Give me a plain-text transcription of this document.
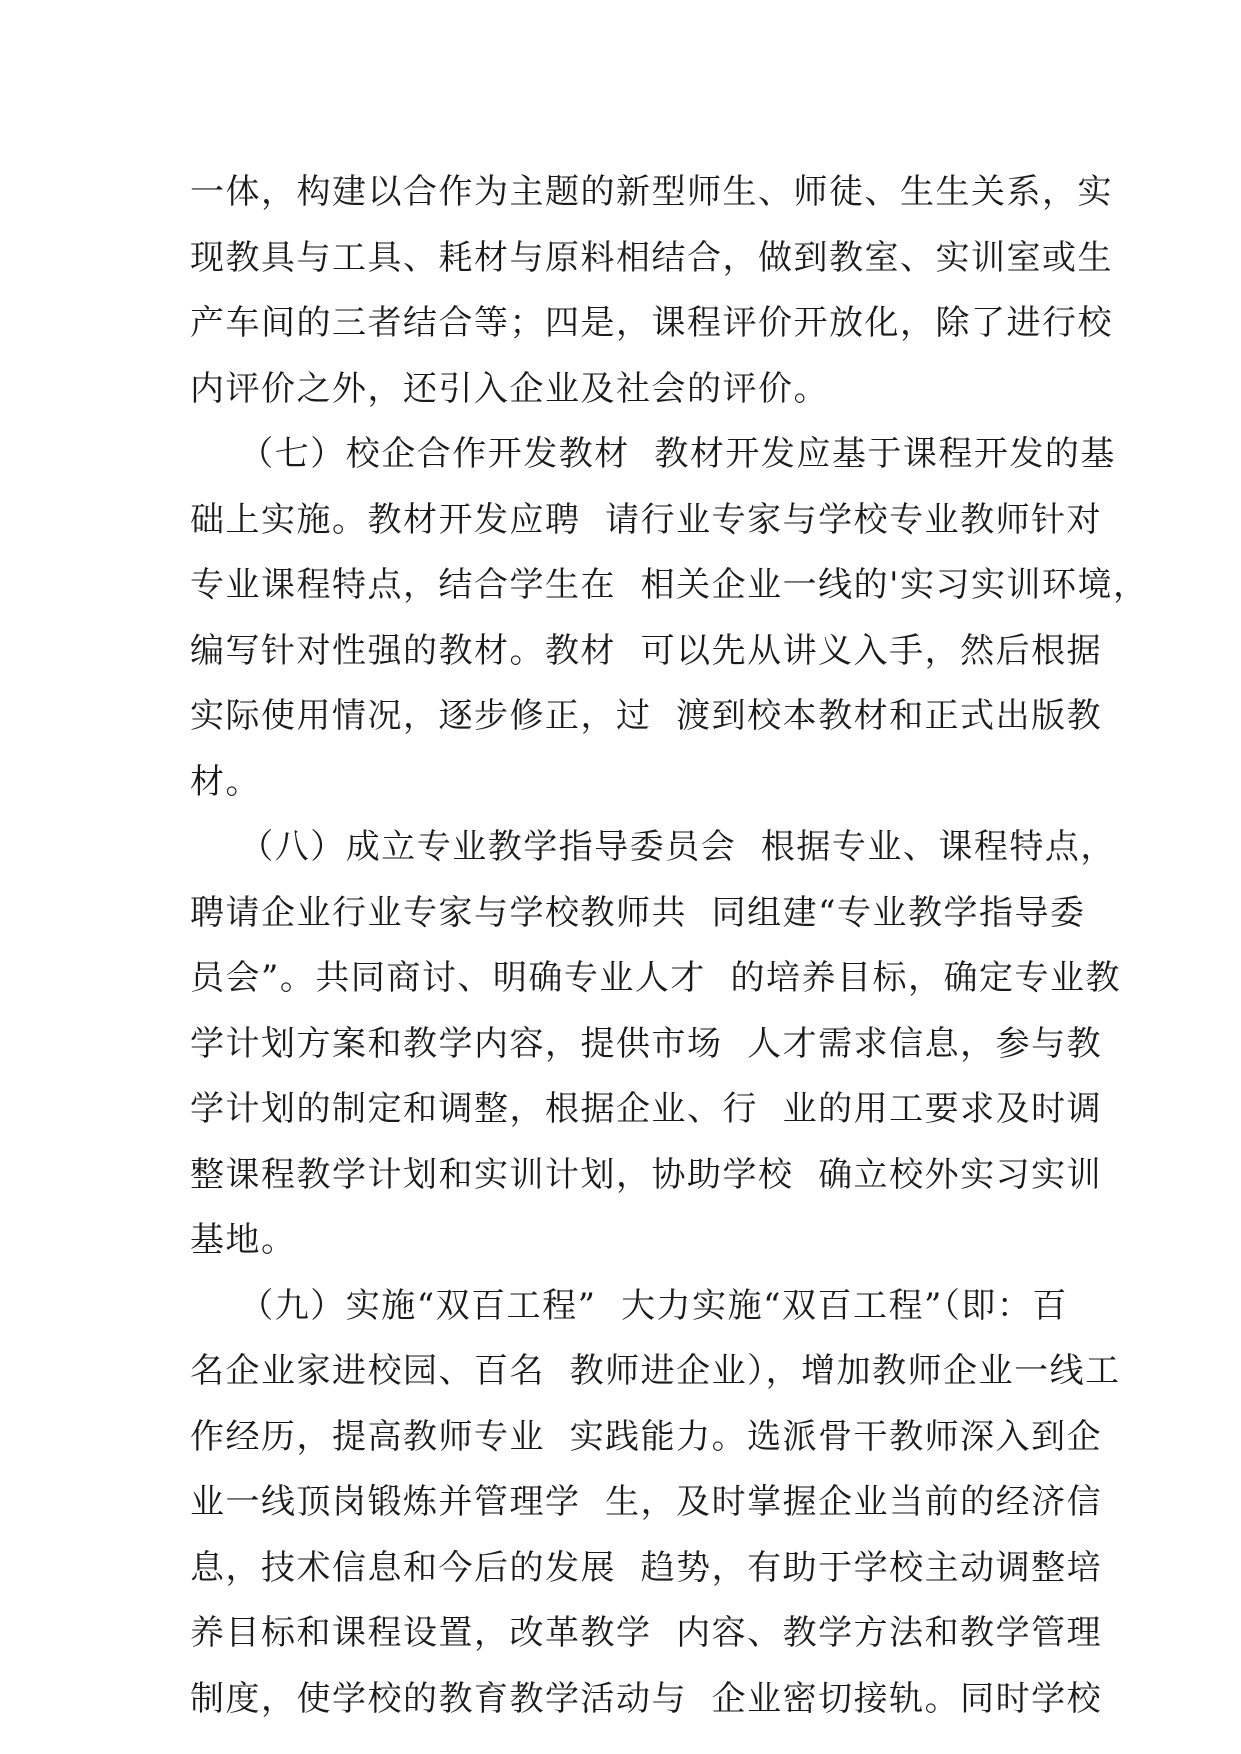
一体，构建以合作为主题的新型师生、师徒、生生关系，实
现教具与工具、耗材与原料相结合，做到教室、实训室或生
产车间的三者结合等；四是，课程评价开放化，除了进行校
内评价之外，还引入企业及社会的评价。
（七）校企合作开发教材  教材开发应基于课程开发的基
础上实施。教材开发应聘  请行业专家与学校专业教师针对
专业课程特点，结合学生在  相关企业一线的'实习实训环境，
编写针对性强的教材。教材  可以先从讲义入手，然后根据
实际使用情况，逐步修正，过  渡到校本教材和正式出版教
材。
（八）成立专业教学指导委员会  根据专业、课程特点，
聘请企业行业专家与学校教师共  同组建“专业教学指导委
员会”。共同商讨、明确专业人才  的培养目标，确定专业教
学计划方案和教学内容，提供市场  人才需求信息，参与教
学计划的制定和调整，根据企业、行  业的用工要求及时调
整课程教学计划和实训计划，协助学校  确立校外实习实训
基地。
（九）实施“双百工程”  大力实施“双百工程”（即：百
名企业家进校园、百名  教师进企业），增加教师企业一线工
作经历，提高教师专业  实践能力。选派骨干教师深入到企
业一线顶岗锻炼并管理学  生，及时掌握企业当前的经济信
息，技术信息和今后的发展  趋势，有助于学校主动调整培
养目标和课程设置，改革教学  内容、教学方法和教学管理
制度，使学校的教育教学活动与  企业密切接轨。同时学校
